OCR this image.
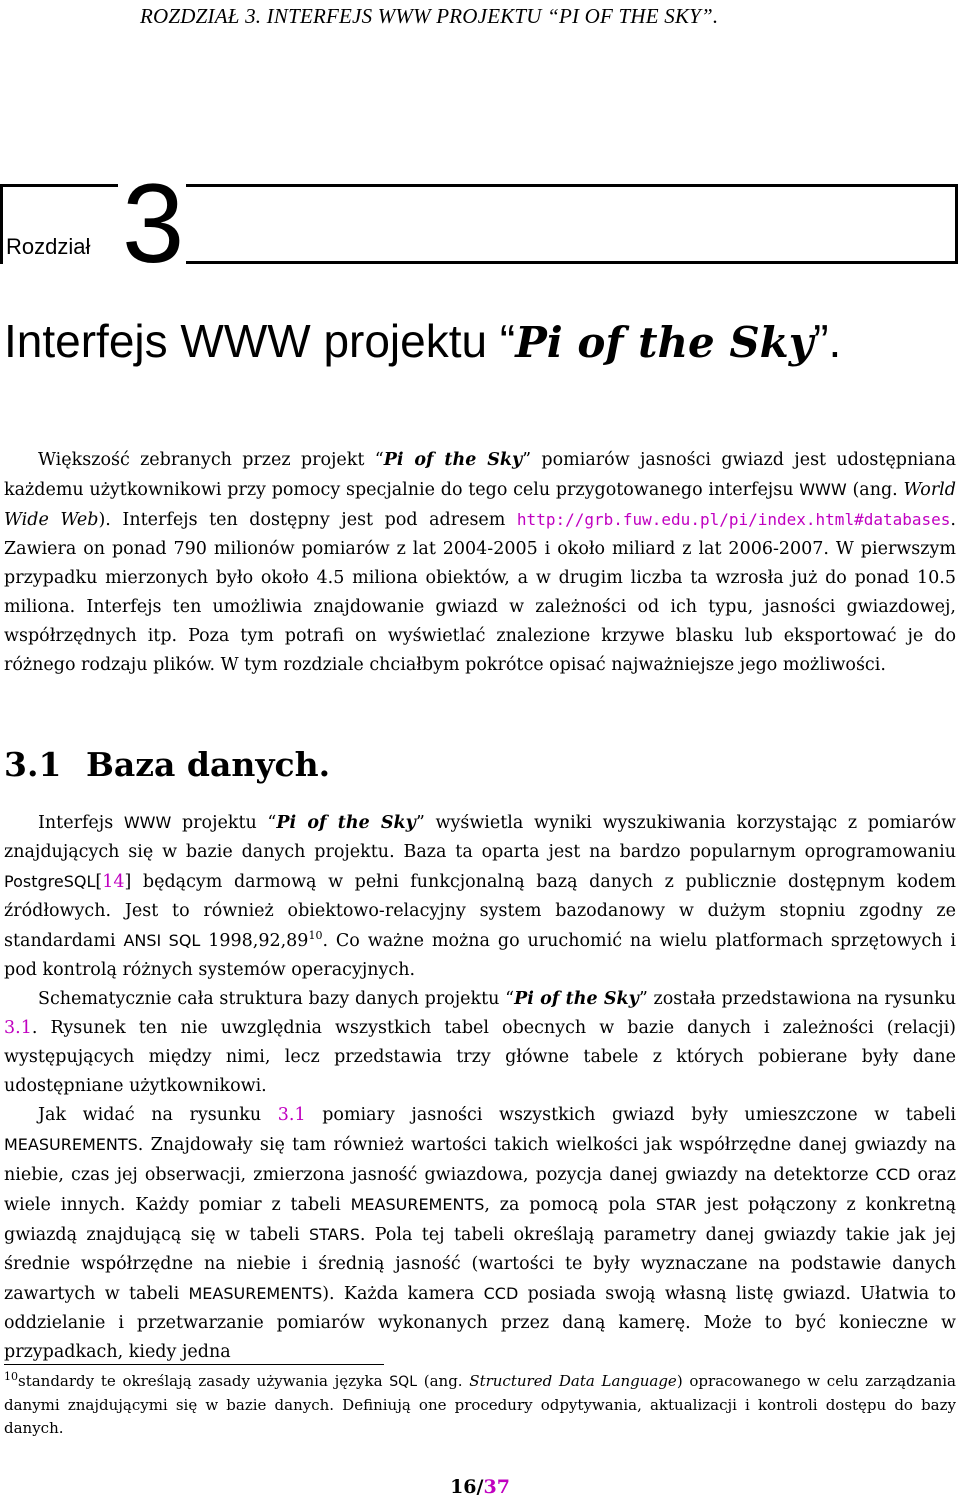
ROZDZIAŁ 3. INTERFEJS WWW PROJEKTU “PI OF THE SKY”.
Rozdział 3
Interfejs WWW projektu “Pi of the Sky”.
Większość zebranych przez projekt “Pi of the Sky” pomiarów jasności gwiazd jest udostępniana każdemu użytkownikowi przy pomocy specjalnie do tego celu przygotowanego interfejsu WWW (ang. World Wide Web). Interfejs ten dostępny jest pod adresem http://grb.fuw.edu.pl/pi/index.html#databases. Zawiera on ponad 790 milionów pomiarów z lat 2004-2005 i około miliard z lat 2006-2007. W pierwszym przypadku mierzonych było około 4.5 miliona obiektów, a w drugim liczba ta wzrosła już do ponad 10.5 miliona. Interfejs ten umożliwia znajdowanie gwiazd w zależności od ich typu, jasności gwiazdowej, współrzędnych itp. Poza tym potrafi on wyświetlać znalezione krzywe blasku lub eksportować je do różnego rodzaju plików. W tym rozdziale chciałbym pokrótce opisać najważniejsze jego możliwości.
3.1 Baza danych.
Interfejs WWW projektu “Pi of the Sky” wyświetla wyniki wyszukiwania korzystając z pomiarów znajdujących się w bazie danych projektu. Baza ta oparta jest na bardzo popularnym oprogramowaniu PostgreSQL[14] będącym darmową w pełni funkcjonalną bazą danych z publicznie dostępnym kodem źródłowych. Jest to również obiektowo-relacyjny system bazodanowy w dużym stopniu zgodny ze standardami ANSI SQL 1998,92,89$^{10}$. Co ważne można go uruchomić na wielu platformach sprzętowych i pod kontrolą różnych systemów operacyjnych.
Schematycznie cała struktura bazy danych projektu “Pi of the Sky” została przedstawiona na rysunku 3.1. Rysunek ten nie uwzględnia wszystkich tabel obecnych w bazie danych i zależności (relacji) występujących między nimi, lecz przedstawia trzy główne tabele z których pobierane były dane udostępniane użytkownikowi.
Jak widać na rysunku 3.1 pomiary jasności wszystkich gwiazd były umieszczone w tabeli MEASUREMENTS. Znajdowały się tam również wartości takich wielkości jak współrzędne danej gwiazdy na niebie, czas jej obserwacji, zmierzona jasność gwiazdowa, pozycja danej gwiazdy na detektorze CCD oraz wiele innych. Każdy pomiar z tabeli MEASUREMENTS, za pomocą pola STAR jest połączony z konkretną gwiazdą znajdującą się w tabeli STARS. Pola tej tabeli określają parametry danej gwiazdy takie jak jej średnie współrzędne na niebie i średnią jasność (wartości te były wyznaczane na podstawie danych zawartych w tabeli MEASUREMENTS). Każda kamera CCD posiada swoją własną listę gwiazd. Ułatwia to oddzielanie i przetwarzanie pomiarów wykonanych przez daną kamerę. Może to być konieczne w przypadkach, kiedy jedna
$^{10}$standardy te określają zasady używania języka SQL (ang. Structured Data Language) opracowanego w celu zarządzania danymi znajdującymi się w bazie danych. Definiują one procedury odpytywania, aktualizacji i kontroli dostępu do bazy danych.
16/37
